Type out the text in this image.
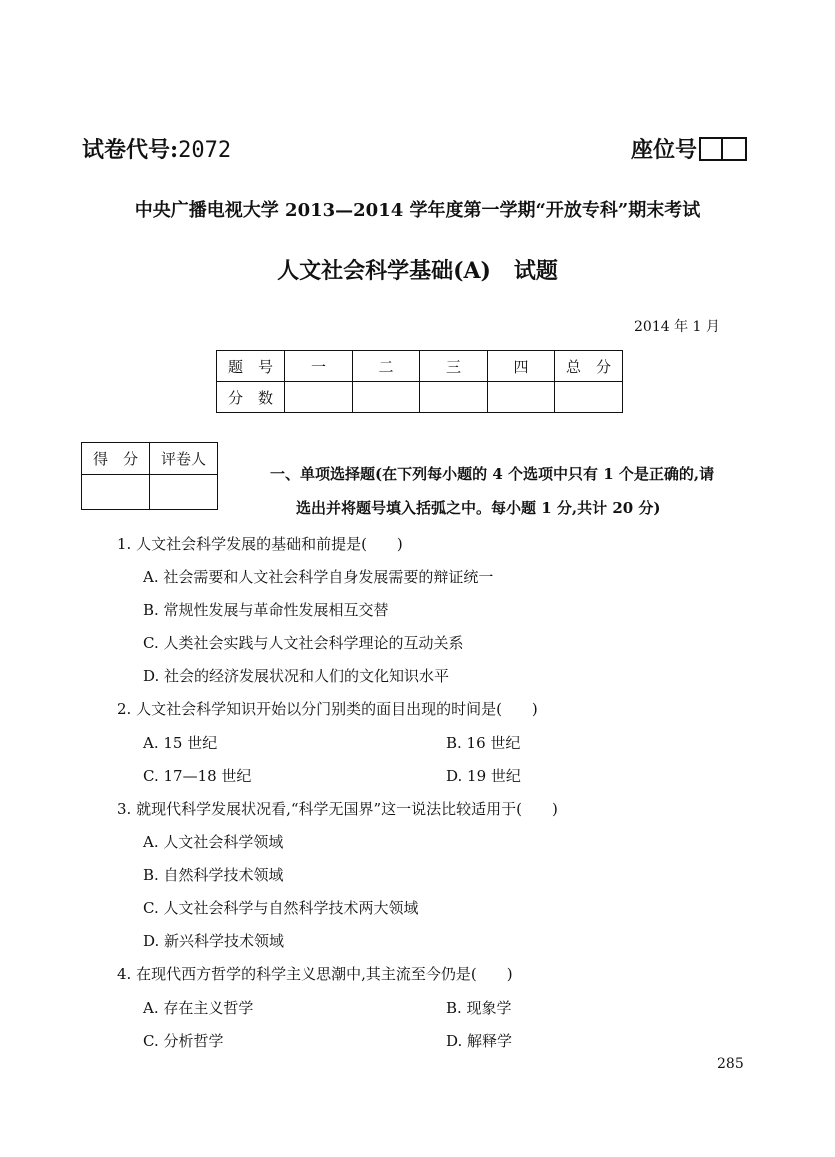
试卷代号:2072	座位号
中央广播电视大学 2013—2014 学年度第一学期“开放专科”期末考试
人文社会科学基础(A)   试题
2014 年 1 月
题　号	一	二	三	四	总　分
分　数					
得　分	评卷人

一、单项选择题(在下列每小题的 4 个选项中只有 1 个是正确的,请
选出并将题号填入括弧之中。每小题 1 分,共计 20 分)
1. 人文社会科学发展的基础和前提是(　　)
A. 社会需要和人文社会科学自身发展需要的辩证统一
B. 常规性发展与革命性发展相互交替
C. 人类社会实践与人文社会科学理论的互动关系
D. 社会的经济发展状况和人们的文化知识水平
2. 人文社会科学知识开始以分门别类的面目出现的时间是(　　)
A. 15 世纪	B. 16 世纪
C. 17—18 世纪	D. 19 世纪
3. 就现代科学发展状况看,“科学无国界”这一说法比较适用于(　　)
A. 人文社会科学领域
B. 自然科学技术领域
C. 人文社会科学与自然科学技术两大领域
D. 新兴科学技术领域
4. 在现代西方哲学的科学主义思潮中,其主流至今仍是(　　)
A. 存在主义哲学	B. 现象学
C. 分析哲学	D. 解释学
285
